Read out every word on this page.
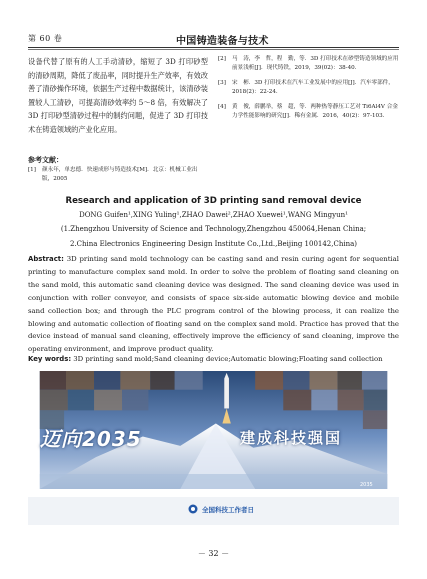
第 60 卷	中国铸造装备与技术

设备代替了原有的人工手动清砂，缩短了 3D 打印砂型的清砂周期，降低了废品率，同时提升生产效率，有效改善了清砂操作环境，依据生产过程中数据统计，该清砂装置较人工清砂，可提高清砂效率约 5～8 倍，有效解决了 3D 打印砂型清砂过程中的制约问题，促进了 3D 打印技术在铸造领域的产业化应用。

参考文献：
[1] 颜永年，单忠德．快速成形与铸造技术[M]．北京：机械工业出版，2005
[2] 马　涛，李　哲，程　勤，等．3D 打印技术在砂型铸造领域的应用前景浅析[J]．现代铸铁，2019，39(02)：38-40.
[3] 宋　彬．3D 打印技术在汽车工业发展中的应用[J]．汽车零部件，2018(2)：22-24.
[4] 黄　俊，薛鹏举，蔡　超，等．两种热等静压工艺对 Ti6Al4V 合金力学性能影响的研究[J]．稀有金属．2016，40(2)：97-103.
Research and application of 3D printing sand removal device
DONG Guifen¹,XING Yuling¹,ZHAO Dawei²,ZHAO Xuewei¹,WANG Mingyun¹
(1.Zhengzhou University of Science and Technology,Zhengzhou 450064,Henan China;
2.China Electronics Engineering Design Institute Co.,Ltd.,Beijing 100142,China)
Abstract: 3D printing sand mold technology can be casting sand and resin curing agent for sequential printing to manufacture complex sand mold. In order to solve the problem of floating sand cleaning on the sand mold, this automatic sand cleaning device was designed. The sand cleaning device was used in conjunction with roller conveyor, and consists of space six-side automatic blowing device and mobile sand collection box; and through the PLC program control of the blowing process, it can realize the blowing and automatic collection of floating sand on the complex sand mold. Practice has proved that the device instead of manual sand cleaning, effectively improve the efficiency of sand cleaning, improve the operating environment, and improve product quality.
Key words: 3D printing sand mold;Sand cleaning device;Automatic blowing;Floating sand collection
迈向2035	建成科技强国
2035
全国科技工作者日
－ 32 －
